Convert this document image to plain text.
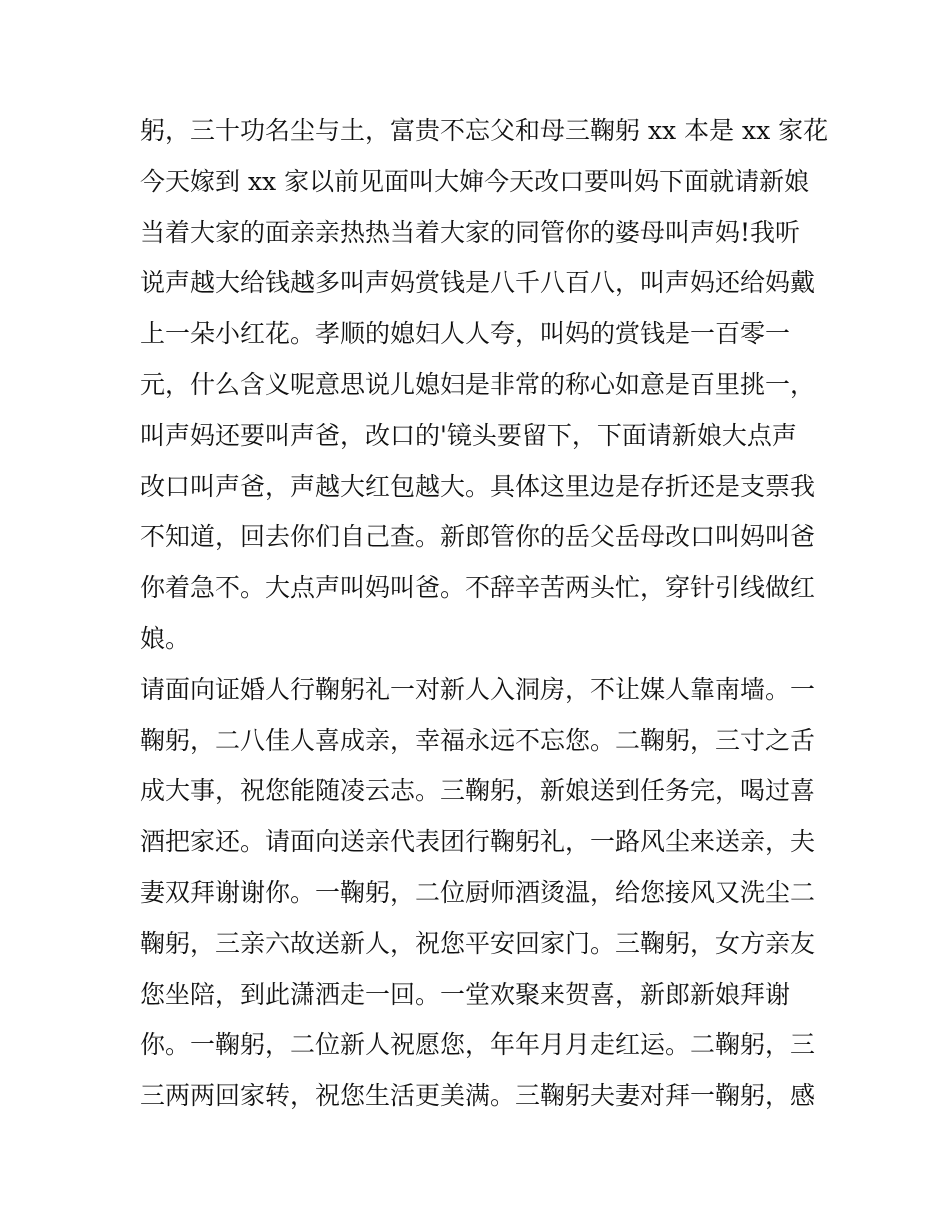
躬，三十功名尘与土，富贵不忘父和母三鞠躬 xx 本是 xx 家花
今天嫁到 xx 家以前见面叫大婶今天改口要叫妈下面就请新娘
当着大家的面亲亲热热当着大家的同管你的婆母叫声妈!我听
说声越大给钱越多叫声妈赏钱是八千八百八，叫声妈还给妈戴
上一朵小红花。孝顺的媳妇人人夸，叫妈的赏钱是一百零一
元，什么含义呢意思说儿媳妇是非常的称心如意是百里挑一，
叫声妈还要叫声爸，改口的'镜头要留下，下面请新娘大点声
改口叫声爸，声越大红包越大。具体这里边是存折还是支票我
不知道，回去你们自己查。新郎管你的岳父岳母改口叫妈叫爸
你着急不。大点声叫妈叫爸。不辞辛苦两头忙，穿针引线做红
娘。
请面向证婚人行鞠躬礼一对新人入洞房，不让媒人靠南墙。一
鞠躬，二八佳人喜成亲，幸福永远不忘您。二鞠躬，三寸之舌
成大事，祝您能随凌云志。三鞠躬，新娘送到任务完，喝过喜
酒把家还。请面向送亲代表团行鞠躬礼，一路风尘来送亲，夫
妻双拜谢谢你。一鞠躬，二位厨师酒烫温，给您接风又洗尘二
鞠躬，三亲六故送新人，祝您平安回家门。三鞠躬，女方亲友
您坐陪，到此潇洒走一回。一堂欢聚来贺喜，新郎新娘拜谢
你。一鞠躬，二位新人祝愿您，年年月月走红运。二鞠躬，三
三两两回家转，祝您生活更美满。三鞠躬夫妻对拜一鞠躬，感
